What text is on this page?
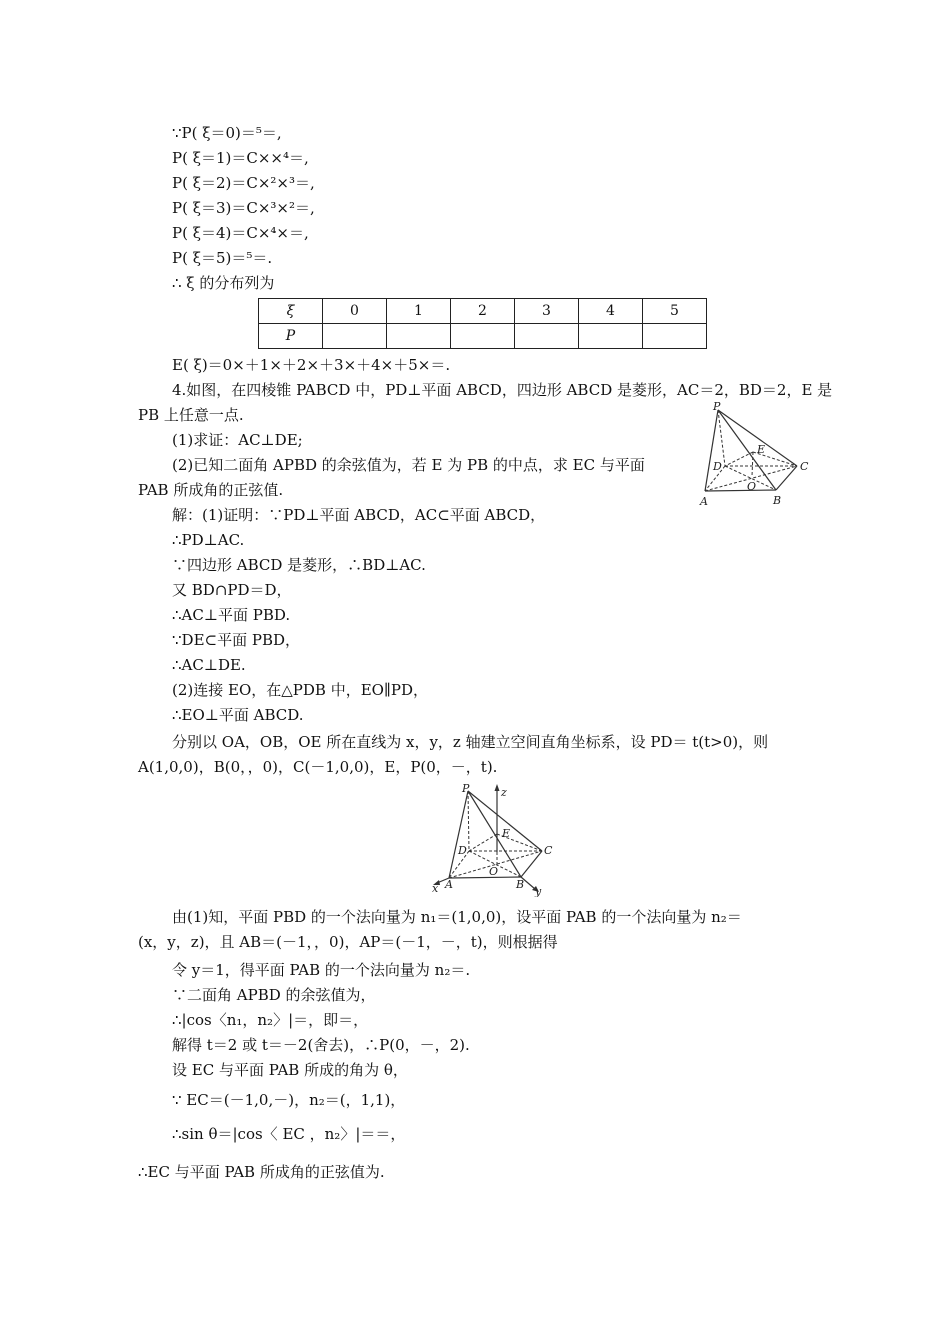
∵P( ξ＝0)＝⁵＝,
P( ξ＝1)＝C××⁴＝,
P( ξ＝2)＝C×²×³＝,
P( ξ＝3)＝C×³×²＝,
P( ξ＝4)＝C×⁴×＝,
P( ξ＝5)＝⁵＝.
∴ ξ 的分布列为
ξ	0	1	2	3	4	5
P						
E( ξ)＝0×＋1×＋2×＋3×＋4×＋5×＝.
4.如图，在四棱锥 PABCD 中，PD⊥平面 ABCD，四边形 ABCD 是菱形，AC＝2，BD＝2，E 是
PB 上任意一点.
(1)求证：AC⊥DE;
(2)已知二面角 APBD 的余弦值为，若 E 为 PB 的中点，求 EC 与平面
PAB 所成角的正弦值.
P
E
D	C
O
A	B
解：(1)证明：∵PD⊥平面 ABCD，AC⊂平面 ABCD，
∴PD⊥AC.
∵四边形 ABCD 是菱形，∴BD⊥AC.
又 BD∩PD＝D，
∴AC⊥平面 PBD.
∵DE⊂平面 PBD，
∴AC⊥DE.
(2)连接 EO，在△PDB 中，EO∥PD，
∴EO⊥平面 ABCD.
分别以 OA，OB，OE 所在直线为 x，y，z 轴建立空间直角坐标系，设 PD＝ t(t>0)，则
A(1,0,0)，B(0，，0)，C(－1,0,0)，E，P(0，－，t).
P	z
E
D	C
O
x A	B
y
由(1)知，平面 PBD 的一个法向量为 n₁＝(1,0,0)，设平面 PAB 的一个法向量为 n₂＝
(x，y，z)，且 AB＝(－1，，0)，AP＝(－1，－，t)，则根据得
令 y＝1，得平面 PAB 的一个法向量为 n₂＝.
∵二面角 APBD 的余弦值为，
∴|cos〈n₁，n₂〉|＝，即＝，
解得 t＝2 或 t＝－2(舍去)，∴P(0，－，2).
设 EC 与平面 PAB 所成的角为 θ，
∵ EC＝(－1,0,－)，n₂＝(，1,1)，
∴sin θ＝|cos〈 EC ，n₂〉|＝＝，
∴EC 与平面 PAB 所成角的正弦值为.
